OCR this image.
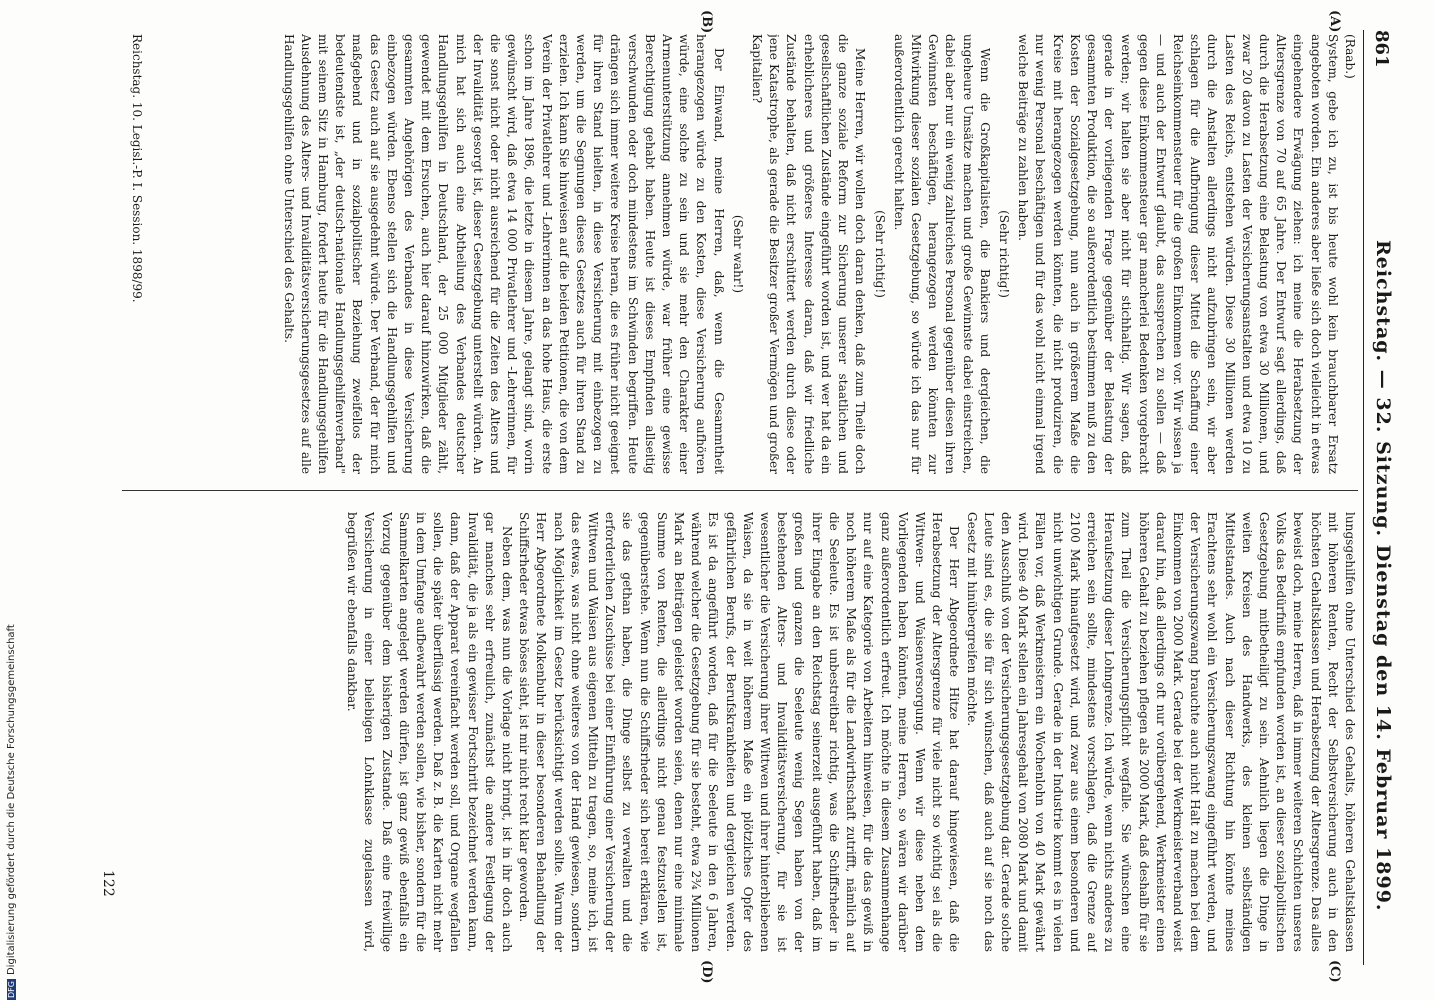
861
Reichstag. — 32. Sitzung. Dienstag den 14. Februar 1899.
(A)
(B)
(C)
(D)

(Raab.)

System, gebe ich zu, ist bis heute wohl kein brauchbarer Ersatz angeboten worden. Ein anderes aber ließe sich doch vielleicht in etwas eingehendere Erwägung ziehen: ich meine die Herabsetzung der Altersgrenze von 70 auf 65 Jahre. Der Entwurf sagt allerdings, daß durch die Herabsetzung eine Belastung von etwa 30 Millionen, und zwar 20 davon zu Lasten der Versicherungsanstalten und etwa 10 zu Lasten des Reichs, entstehen würden. Diese 30 Millionen werden durch die Anstalten allerdings nicht aufzubringen sein, wir aber schlagen für die Aufbringung dieser Mittel die Schaffung einer Reichseinkommensteuer für die großen Einkommen vor. Wir wissen ja — und auch der Entwurf glaubt, das aussprechen zu sollen — daß gegen diese Einkommensteuer gar mancherlei Bedenken vorgebracht werden; wir halten sie aber nicht für stichhaltig. Wir sagen, daß gerade in der vorliegenden Frage gegenüber der Belastung der gesammten Produktion, die so außerordentlich bestimmen muß zu den Kosten der Sozialgesetzgebung, nun auch in größerem Maße die Kreise mit herangezogen werden könnten, die nicht produziren, die nur wenig Personal beschäftigen und für das wohl nicht einmal irgend welche Beiträge zu zahlen haben.

(Sehr richtig!)

Wenn die Großkapitalisten, die Bankiers und dergleichen, die ungeheure Umsätze machen und große Gewinnste dabei einstreichen, dabei aber nur ein wenig zahlreiches Personal gegenüber diesen ihren Gewinnsten beschäftigen, herangezogen werden könnten zur Mitwirkung dieser sozialen Gesetzgebung, so würde ich das nur für außerordentlich gerecht halten.

(Sehr richtig!)

Meine Herren, wir wollen doch daran denken, daß zum Theile doch die ganze soziale Reform zur Sicherung unserer staatlichen und gesellschaftlichen Zustände eingeführt worden ist, und wer hat da ein erheblicheres und größeres Interesse daran, daß wir friedliche Zustände behalten, daß nicht erschüttert werden durch diese oder jene Katastrophe, als gerade die Besitzer großer Vermögen und großer Kapitalien?

(Sehr wahr!)

Der Einwand, meine Herren, daß, wenn die Gesammtheit herangezogen würde zu den Kosten, diese Versicherung aufhören würde, eine solche zu sein und sie mehr den Charakter einer Armenunterstützung annehmen würde, war früher eine gewisse Berechtigung gehabt haben. Heute ist dieses Empfinden allseitig verschwunden oder doch mindestens im Schwinden begriffen. Heute drängen sich immer weitere Kreise heran, die es früher nicht geeignet für ihren Stand hielten, in diese Versicherung mit einbezogen zu werden, um die Segnungen dieses Gesetzes auch für ihren Stand zu erzielen. Ich kann Sie hinweisen auf die beiden Petitionen, die von dem Verein der Privatlehrer und -Lehrerinnen an das hohe Haus, die erste schon im Jahre 1896, die letzte in diesem Jahre, gelangt sind, worin gewünscht wird, daß etwa 14 000 Privatlehrer und -Lehrerinnen, für die sonst nicht oder nicht ausreichend für die Zeiten des Alters und der Invalidität gesorgt ist, dieser Gesetzgebung unterstellt würden. An mich hat sich auch eine Abtheilung des Verbandes deutscher Handlungsgehilfen in Deutschland, der 25 000 Mitglieder zählt, gewendet mit dem Ersuchen, auch hier darauf hinzuwirken, daß die gesammten Angehörigen des Verbandes in diese Versicherung einbezogen würden. Ebenso stellen sich die Handlungsgehilfen und das Gesetz auch auf sie ausgedehnt würde. Der Verband, der für mich maßgebend und in sozialpolitischer Beziehung zweifellos der bedeutendste ist, „der deutsch-nationale Handlungsgehilfenverband" mit seinem Sitz in Hamburg, fordert heute für die Handlungsgehilfen Ausdehnung des Alters- und Invaliditätsversicherungsgesetzes auf alle Handlungsgehilfen ohne Unterschied des Gehalts.

lungsgehilfen ohne Unterschied des Gehalts, höheren Gehaltsklassen mit höheren Renten, Recht der Selbstversicherung auch in den höchsten Gehaltsklassen und Herabsetzung der Altersgrenze. Das alles beweist doch, meine Herren, daß in immer weiteren Schichten unseres Volks das Bedürfniß empfunden worden ist, an dieser sozialpolitischen Gesetzgebung mitbetheiligt zu sein. Aehnlich liegen die Dinge in weiten Kreisen des Handwerks, des kleinen selbständigen Mittelstandes. Auch nach dieser Richtung hin könnte meines Erachtens sehr wohl ein Versicherungszwang eingeführt werden, und der Versicherungszwang brauchte auch nicht Halt zu machen bei dem Einkommen von 2000 Mark. Gerade bei der Werkmeisterverband weist darauf hin, daß allerdings oft nur vorübergehend, Werkmeister einen höheren Gehalt zu beziehen pflegen als 2000 Mark, daß deshalb für sie zum Theil die Versicherungspflicht wegfalle. Sie wünschen eine Heraufsetzung dieser Lohngrenze. Ich würde, wenn nichts anderes zu erreichen sein sollte, mindestens vorschlagen, daß die Grenze auf 2100 Mark hinaufgesetzt wird, und zwar aus einem besonderen und nicht unwichtigen Grunde. Gerade in der Industrie kommt es in vielen Fällen vor, daß Werkmeistern ein Wochenlohn von 40 Mark gewährt wird. Diese 40 Mark stellen ein Jahresgehalt von 2080 Mark und damit den Ausschluß von der Versicherungsgesetzgebung dar. Gerade solche Leute sind es, die sie für sich wünschen, daß auch auf sie noch das Gesetz mit hinübergreifen möchte.

Der Herr Abgeordnete Hitze hat darauf hingewiesen, daß die Herabsetzung der Altersgrenze für viele nicht so wichtig sei als die Wittwen- und Waisenversorgung. Wenn wir diese neben dem Vorliegenden haben könnten, meine Herren, so wären wir darüber ganz außerordentlich erfreut. Ich möchte in diesem Zusammenhange nur auf eine Kategorie von Arbeitern hinweisen, für die das gewiß in noch höherem Maße als für die Landwirthschaft zutrifft, nämlich auf die Seeleute. Es ist unbestreitbar richtig, was die Schiffsrheder in ihrer Eingabe an den Reichstag seinerzeit ausgeführt haben, daß im großen und ganzen die Seeleute wenig Segen haben von der bestehenden Alters- und Invaliditätsversicherung, für sie ist wesentlicher die Versicherung ihrer Wittwen und ihrer hinterbliebenen Waisen, da sie in weit höherem Maße ein plötzliches Opfer des gefährlichen Berufs, der Berufskrankheiten und dergleichen werden. Es ist da angeführt worden, daß für die Seeleute in den 6 Jahren, während welcher die Gesetzgebung für sie besteht, etwa 2¾ Millionen Mark an Beiträgen geleistet worden seien, denen nur eine minimale Summe von Renten, die allerdings nicht genau festzustellen ist, gegenüberstehe. Wenn nun die Schiffsrheder sich bereit erklären, wie sie das gethan haben, die Dinge selbst zu verwalten und die erforderlichen Zuschüsse bei einer Einführung einer Versicherung der Wittwen und Waisen aus eigenen Mitteln zu tragen, so, meine ich, ist das etwas, was nicht ohne weiteres von der Hand gewiesen, sondern nach Möglichkeit im Gesetz berücksichtigt werden sollte. Warum der Herr Abgeordnete Molkenbuhr in dieser besonderen Behandlung der Schiffsrheder etwas böses sieht, ist mir nicht recht klar geworden.

Neben dem, was nun die Vorlage nicht bringt, ist in ihr doch auch gar manches sehr erfreulich, zunächst die andere Festlegung der Invalidität, die ja als ein gewisser Fortschritt bezeichnet werden kann, dann, daß der Apparat vereinfacht werden soll, und Organe wegfallen sollen, die später überflüssig werden. Daß z. B. die Karten nicht mehr in dem Umfange aufbewahrt werden sollen, wie bisher, sondern für die Sammelkarten angelegt werden dürfen, ist ganz gewiß ebenfalls ein Vorzug gegenüber dem bisherigen Zustande. Daß eine freiwillige Versicherung in einer beliebigen Lohnklasse zugelassen wird, begrüßen wir ebenfalls dankbar.

Reichstag. 10. Legisl.-P. I. Session. 1898/99.
122
DFGDigitalisierung gefördert durch die Deutsche Forschungsgemeinschaft
